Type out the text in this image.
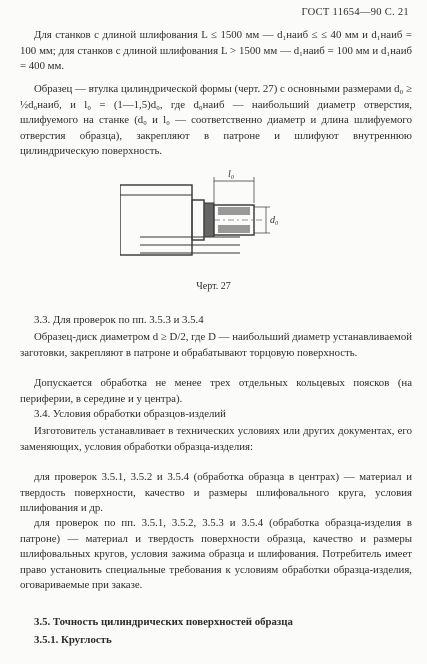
ГОСТ 11654—90 С. 21
Для станков с длиной шлифования L ≤ 1500 мм — d₁наиб ≤ ≤ 40 мм и d₁наиб = 100 мм; для станков с длиной шлифования L > 1500 мм — d₁наиб = 100 мм и d₁наиб = 400 мм.
Образец — втулка цилиндрической формы (черт. 27) с основными размерами d₀ ≥ ½d₀наиб, и l₀ = (1—1,5)d₀, где d₀наиб — наибольший диаметр отверстия, шлифуемого на станке (d₀ и l₀ — соответственно диаметр и длина шлифуемого отверстия образца), закрепляют в патроне и шлифуют внутреннюю цилиндрическую поверхность.
l₀
d₀
Черт. 27
3.3. Для проверок по пп. 3.5.3 и 3.5.4
Образец-диск диаметром d ≥ D/2, где D — наибольший диаметр устанавливаемой заготовки, закрепляют в патроне и обрабатывают торцовую поверхность.
Допускается обработка не менее трех отдельных кольцевых поясков (на периферии, в середине и у центра).
3.4. Условия обработки образцов-изделий
Изготовитель устанавливает в технических условиях или других документах, его заменяющих, условия обработки образца-изделия:
для проверок 3.5.1, 3.5.2 и 3.5.4 (обработка образца в центрах) — материал и твердость поверхности, качество и размеры шлифовального круга, условия шлифования и др.
для проверок по пп. 3.5.1, 3.5.2, 3.5.3 и 3.5.4 (обработка образца-изделия в патроне) — материал и твердость поверхности образца, качество и размеры шлифовальных кругов, условия зажима образца и шлифования. Потребитель имеет право установить специальные требования к условиям обработки образца-изделия, оговариваемые при заказе.
3.5. Точность цилиндрических поверхностей образца
3.5.1. Круглость
